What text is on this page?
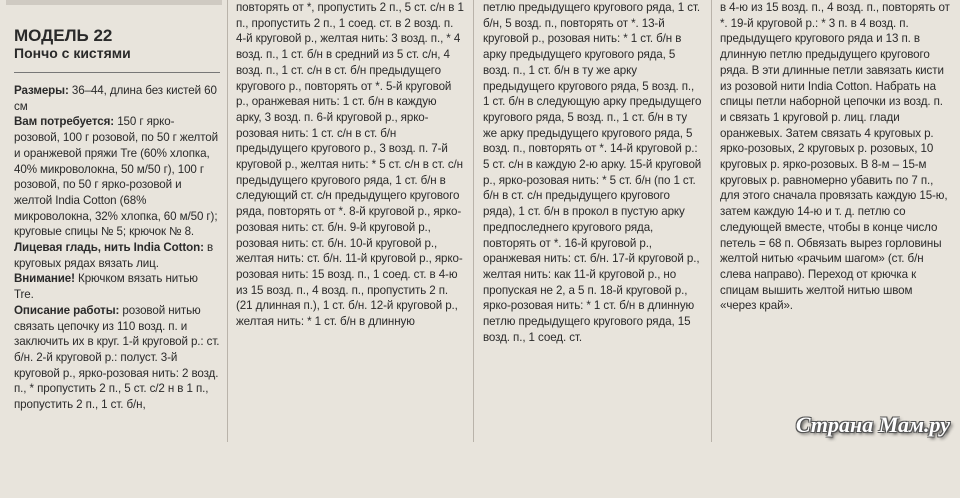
МОДЕЛЬ 22
Пончо с кистями

Размеры: 36–44, длина без кистей 60 см

Вам потребуется: 150 г ярко-розовой, 100 г розовой, по 50 г желтой и оранжевой пряжи Tre (60% хлопка, 40% микроволокна, 50 м/50 г), 100 г розовой, по 50 г ярко-розовой и желтой India Cotton (68% микроволокна, 32% хлопка, 60 м/50 г); круговые спицы № 5; крючок № 8.

Лицевая гладь, нить India Cotton: в круговых рядах вязать лиц.

Внимание! Крючком вязать нитью Tre.

Описание работы: розовой нитью связать цепочку из 110 возд. п. и заключить их в круг. 1-й круговой р.: ст. б/н. 2-й круговой р.: полуст. 3-й круговой р., ярко-розовая нить: 2 возд. п., * пропустить 2 п., 5 ст. с/2 н в 1 п., пропустить 2 п., 1 ст. б/н,

повторять от *, пропустить 2 п., 5 ст. с/н в 1 п., пропустить 2 п., 1 соед. ст. в 2 возд. п. 4-й круговой р., желтая нить: 3 возд. п., * 4 возд. п., 1 ст. б/н в средний из 5 ст. с/н, 4 возд. п., 1 ст. с/н в ст. б/н предыдущего кругового р., повторять от *. 5-й круговой р., оранжевая нить: 1 ст. б/н в каждую арку, 3 возд. п. 6-й круговой р., ярко-розовая нить: 1 ст. с/н в ст. б/н предыдущего кругового р., 3 возд. п. 7-й круговой р., желтая нить: * 5 ст. с/н в ст. с/н предыдущего кругового ряда, 1 ст. б/н в следующий ст. с/н предыдущего кругового ряда, повторять от *. 8-й круговой р., ярко-розовая нить: ст. б/н. 9-й круговой р., розовая нить: ст. б/н. 10-й круговой р., желтая нить: ст. б/н. 11-й круговой р., ярко-розовая нить: 15 возд. п., 1 соед. ст. в 4-ю из 15 возд. п., 4 возд. п., пропустить 2 п. (21 длинная п.), 1 ст. б/н. 12-й круговой р., желтая нить: * 1 ст. б/н в длинную

петлю предыдущего кругового ряда, 1 ст. б/н, 5 возд. п., повторять от *. 13-й круговой р., розовая нить: * 1 ст. б/н в арку предыдущего кругового ряда, 5 возд. п., 1 ст. б/н в ту же арку предыдущего кругового ряда, 5 возд. п., 1 ст. б/н в следующую арку предыдущего кругового ряда, 5 возд. п., 1 ст. б/н в ту же арку предыдущего кругового ряда, 5 возд. п., повторять от *. 14-й круговой р.: 5 ст. с/н в каждую 2-ю арку. 15-й круговой р., ярко-розовая нить: * 5 ст. б/н (по 1 ст. б/н в ст. с/н предыдущего кругового ряда), 1 ст. б/н в прокол в пустую арку предпоследнего кругового ряда, повторять от *. 16-й круговой р., оранжевая нить: ст. б/н. 17-й круговой р., желтая нить: как 11-й круговой р., но пропуская не 2, а 5 п. 18-й круговой р., ярко-розовая нить: * 1 ст. б/н в длинную петлю предыдущего кругового ряда, 15 возд. п., 1 соед. ст.

в 4-ю из 15 возд. п., 4 возд. п., повторять от *. 19-й круговой р.: * 3 п. в 4 возд. п. предыдущего кругового ряда и 13 п. в длинную петлю предыдущего кругового ряда. В эти длинные петли завязать кисти из розовой нити India Cotton. Набрать на спицы петли наборной цепочки из возд. п. и связать 1 круговой р. лиц. глади оранжевых. Затем связать 4 круговых р. ярко-розовых, 2 круговых р. розовых, 10 круговых р. ярко-розовых. В 8-м – 15-м круговых р. равномерно убавить по 7 п., для этого сначала провязать каждую 15-ю, затем каждую 14-ю и т. д. петлю со следующей вместе, чтобы в конце число петель = 68 п. Обвязать вырез горловины желтой нитью «рачьим шагом» (ст. б/н слева направо). Переход от крючка к спицам вышить желтой нитью швом «через край».

Страна Мам.ру
